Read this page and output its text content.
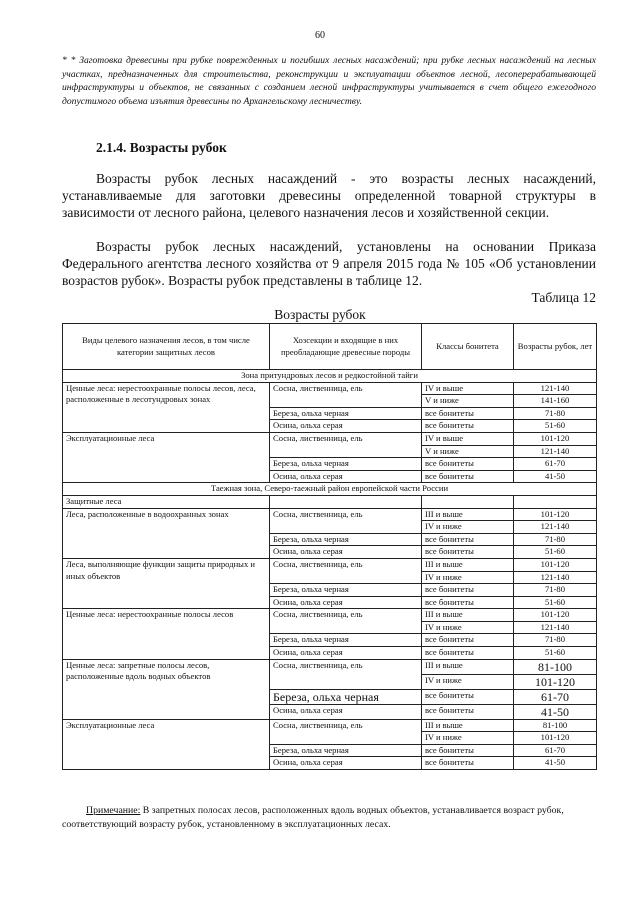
60
* * Заготовка древесины при рубке поврежденных и погибших лесных насаждений; при рубке лесных насаждений на лесных участках, предназначенных для строительства, реконструкции и эксплуатации объектов лесной, лесоперерабатывающей инфраструктуры и объектов, не связанных с созданием лесной инфраструктуры учитывается в счет общего ежегодного допустимого объема изъятия древесины по Архангельскому лесничеству.
2.1.4. Возрасты рубок
Возрасты рубок лесных насаждений - это возрасты лесных насаждений, устанавливаемые для заготовки древесины определенной товарной структуры в зависимости от лесного района, целевого назначения лесов и хозяйственной секции.
Возрасты рубок лесных насаждений, установлены на основании Приказа Федерального агентства лесного хозяйства от 9 апреля 2015 года № 105 «Об установлении возрастов рубок». Возрасты рубок представлены в таблице 12.
Таблица 12
Возрасты рубок
Виды целевого назначения лесов, в том числе категории защитных лесов	Хозсекции и входящие в них преобладающие древесные породы	Классы бонитета	Возрасты рубок, лет
Зона притундровых лесов и редкостойной тайги			
Ценные леса: нерестоохранные полосы лесов, леса, расположенные в лесотундровых зонах	Сосна, лиственница, ель	IV и выше	121-140
		V и ниже	141-160
	Береза, ольха черная	все бонитеты	71-80
	Осина, ольха серая	все бонитеты	51-60
Эксплуатационные леса	Сосна, лиственница, ель	IV и выше	101-120
		V и ниже	121-140
	Береза, ольха черная	все бонитеты	61-70
	Осина, ольха серая	все бонитеты	41-50
Таежная зона, Северо-таежный район европейской части России			
Защитные леса			
Леса, расположенные в водоохранных зонах	Сосна, лиственница, ель	III и выше	101-120
		IV и ниже	121-140
	Береза, ольха черная	все бонитеты	71-80
	Осина, ольха серая	все бонитеты	51-60
Леса, выполняющие функции защиты природных и иных объектов	Сосна, лиственница, ель	III и выше	101-120
		IV и ниже	121-140
	Береза, ольха черная	все бонитеты	71-80
	Осина, ольха серая	все бонитеты	51-60
Ценные леса: нерестоохранные полосы лесов	Сосна, лиственница, ель	III и выше	101-120
		IV и ниже	121-140
	Береза, ольха черная	все бонитеты	71-80
	Осина, ольха серая	все бонитеты	51-60
Ценные леса: запретные полосы лесов, расположенные вдоль водных объектов	Сосна, лиственница, ель	III и выше	81-100
		IV и ниже	101-120
	Береза, ольха черная	все бонитеты	61-70
	Осина, ольха серая	все бонитеты	41-50
Эксплуатационные леса	Сосна, лиственница, ель	III и выше	81-100
		IV и ниже	101-120
	Береза, ольха черная	все бонитеты	61-70
	Осина, ольха серая	все бонитеты	41-50
Примечание: В запретных полосах лесов, расположенных вдоль водных объектов, устанавливается возраст рубок, соответствующий возрасту рубок, установленному в эксплуатационных лесах.
